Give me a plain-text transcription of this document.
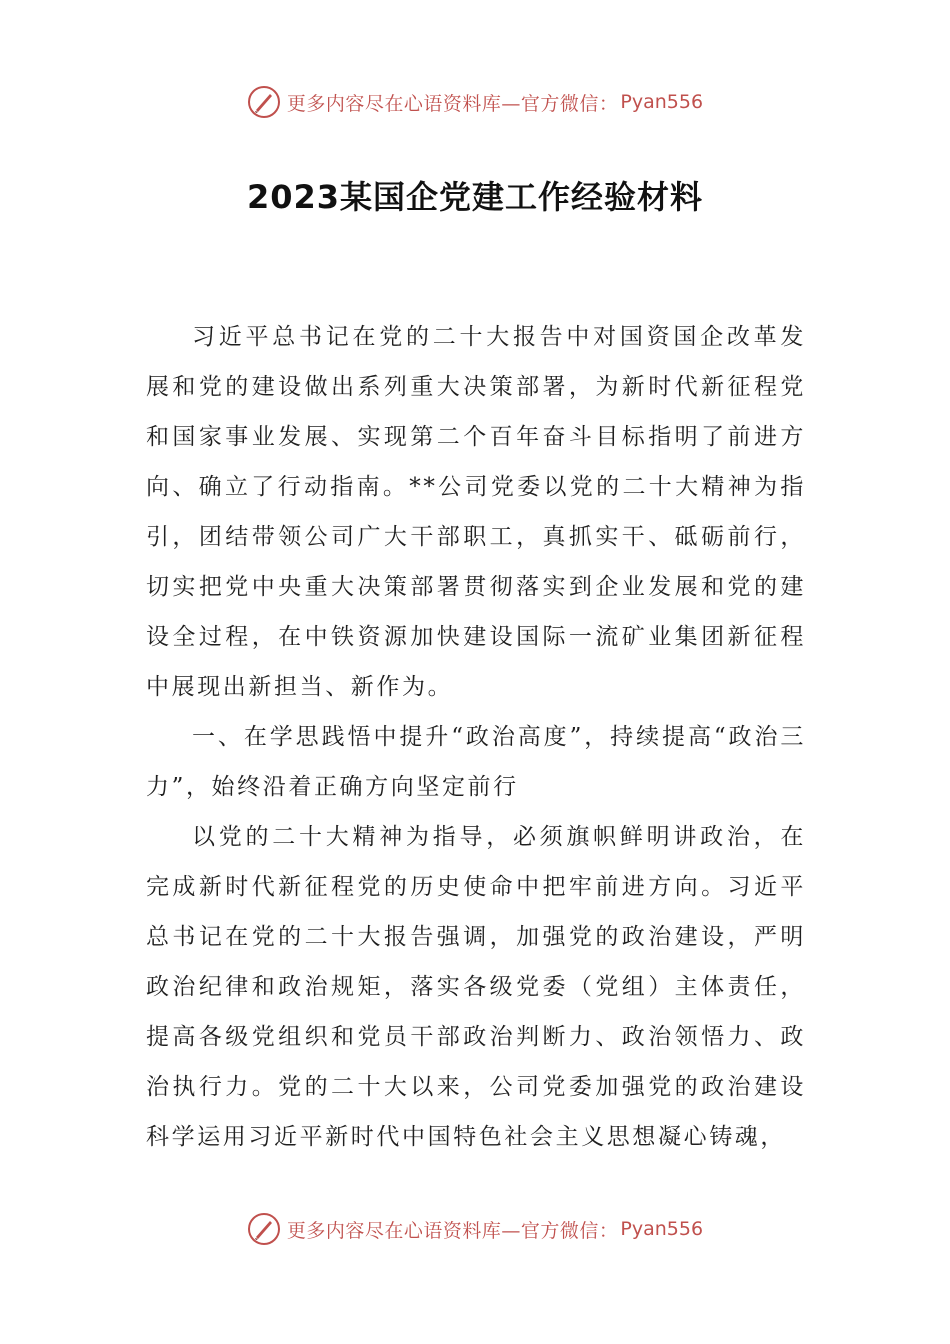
更多内容尽在心语资料库—官方微信： Pyan556
2023某国企党建工作经验材料

习近平总书记在党的二十大报告中对国资国企改革发展和党的建设做出系列重大决策部署，为新时代新征程党和国家事业发展、实现第二个百年奋斗目标指明了前进方向、确立了行动指南。**公司党委以党的二十大精神为指引，团结带领公司广大干部职工，真抓实干、砥砺前行，切实把党中央重大决策部署贯彻落实到企业发展和党的建设全过程，在中铁资源加快建设国际一流矿业集团新征程中展现出新担当、新作为。

一、在学思践悟中提升“政治高度”，持续提高“政治三力”，始终沿着正确方向坚定前行

以党的二十大精神为指导，必须旗帜鲜明讲政治，在完成新时代新征程党的历史使命中把牢前进方向。习近平总书记在党的二十大报告强调，加强党的政治建设，严明政治纪律和政治规矩，落实各级党委（党组）主体责任，提高各级党组织和党员干部政治判断力、政治领悟力、政治执行力。党的二十大以来，公司党委加强党的政治建设科学运用习近平新时代中国特色社会主义思想凝心铸魂，

更多内容尽在心语资料库—官方微信： Pyan556
